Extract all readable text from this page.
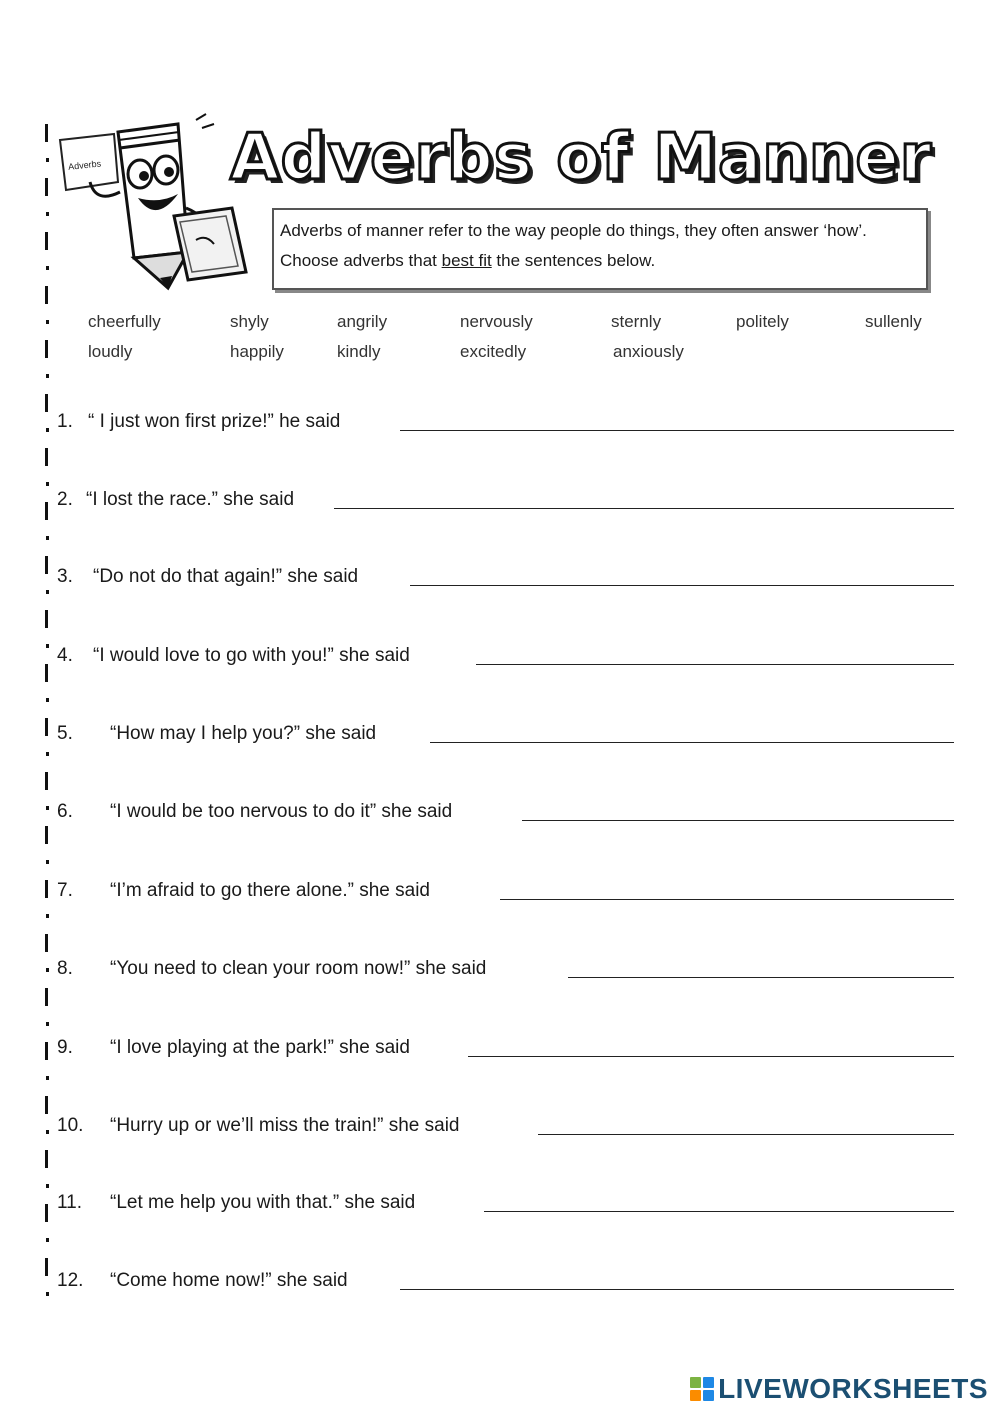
Adverbs Adverbs of Manner
Adverbs of manner refer to the way people do things, they often answer ‘how’. Choose adverbs that best fit the sentences below.
cheerfully	shyly	angrily	nervously	sternly	politely	sullenly
loudly	happily	kindly	excitedly	anxiously
1. “ I just won first prize!” he said
2. “I lost the race.” she said
3. “Do not do that again!” she said
4. “I would love to go with you!” she said
5. “How may I help you?” she said
6. “I would be too nervous to do it” she said
7. “I’m afraid to go there alone.” she said
8. “You need to clean your room now!” she said
9. “I love playing at the park!” she said
10. “Hurry up or we’ll miss the train!” she said
11. “Let me help you with that.” she said
12. “Come home now!” she said
LIVEWORKSHEETS
